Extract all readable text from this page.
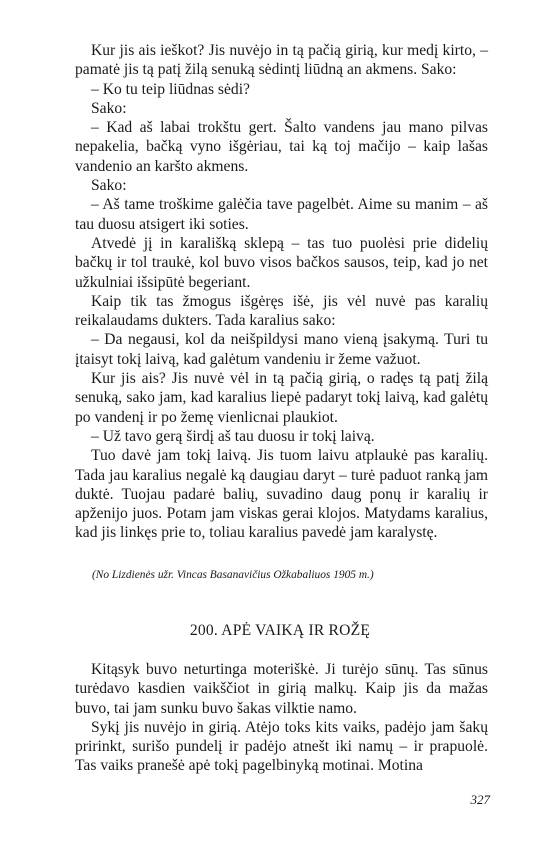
Kur jis ais ieškot? Jis nuvėjo in tą pačią girią, kur medį kirto, – pamatė jis tą patį žilą senuką sėdintį liūdną an akmens. Sako:

– Ko tu teip liūdnas sėdi?

Sako:

– Kad aš labai trokštu gert. Šalto vandens jau mano pilvas nepakelia, bačką vyno išgėriau, tai ką toj mačijo – kaip lašas vandenio an karšto akmens.

Sako:

– Aš tame troškime galėčia tave pagelbėt. Aime su manim – aš tau duosu atsigert iki soties.

Atvedė jį in karališką sklepą – tas tuo puolėsi prie didelių bačkų ir tol traukė, kol buvo visos bačkos sausos, teip, kad jo net užkulniai išsipūtė begeriant.

Kaip tik tas žmogus išgėręs išė, jis vėl nuvė pas karalių reikalaudams dukters. Tada karalius sako:

– Da negausi, kol da neišpildysi mano vieną įsakymą. Turi tu įtaisyt tokį laivą, kad galėtum vandeniu ir žeme važuot.

Kur jis ais? Jis nuvė vėl in tą pačią girią, o radęs tą patį žilą senuką, sako jam, kad karalius liepė padaryt tokį laivą, kad galėtų po vandenį ir po žemę vienliсnai plaukiot.

– Už tavo gerą širdį aš tau duosu ir tokį laivą.

Tuo davė jam tokį laivą. Jis tuom laivu atplaukė pas karalių. Tada jau karalius negalė ką daugiau daryt – turė paduot ranką jam duktė. Tuojau padarė balių, suvadino daug ponų ir karalių ir apženijo juos. Potam jam viskas gerai klojos. Matydams karalius, kad jis linkęs prie to, toliau karalius pavedė jam karalystę.

(No Lizdienės užr. Vincas Basanavičius Ožkabaliuos 1905 m.)
200. APĖ VAIKĄ IR ROŽĘ

Kitąsyk buvo neturtinga moteriškė. Ji turėjo sūnų. Tas sūnus turėdavo kasdien vaikščiot in girią malkų. Kaip jis da mažas buvo, tai jam sunku buvo šakas vilktie namo.

Sykį jis nuvėjo in girią. Atėjo toks kits vaiks, padėjo jam šakų pririnkt, surišo pundelį ir padėjo atnešt iki namų – ir prapuolė. Tas vaiks pranešė apė tokį pagelbinyką motinai. Motina

327
